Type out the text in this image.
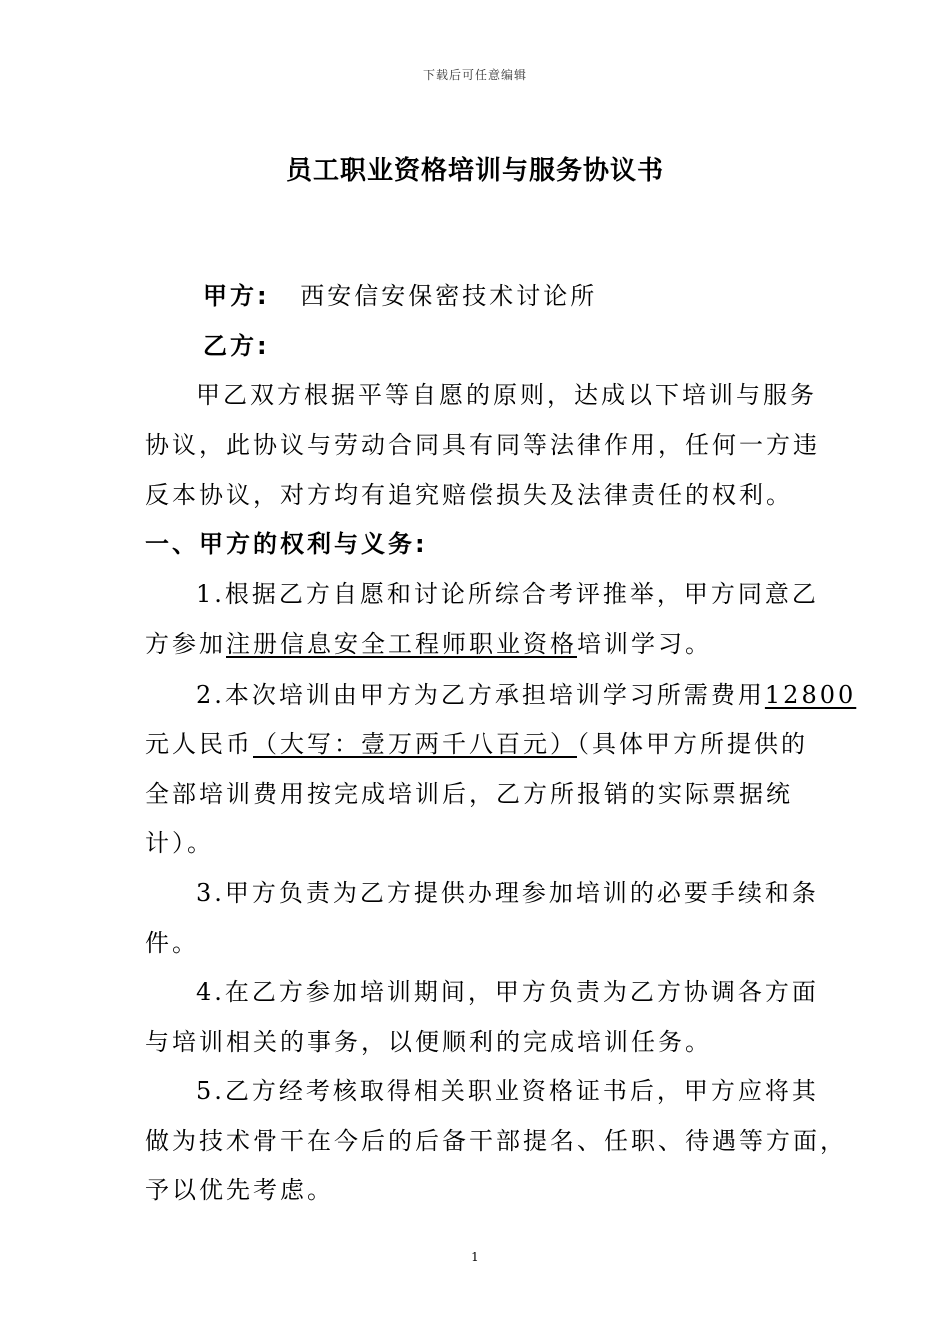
下载后可任意编辑
员工职业资格培训与服务协议书
甲方: 西安信安保密技术讨论所
乙方:
甲乙双方根据平等自愿的原则，达成以下培训与服务
协议，此协议与劳动合同具有同等法律作用，任何一方违
反本协议，对方均有追究赔偿损失及法律责任的权利。
一、甲方的权利与义务:
1.根据乙方自愿和讨论所综合考评推举，甲方同意乙
方参加注册信息安全工程师职业资格培训学习。
2.本次培训由甲方为乙方承担培训学习所需费用12800
元人民币（大写：壹万两千八百元）（具体甲方所提供的
全部培训费用按完成培训后，乙方所报销的实际票据统
计）。
3.甲方负责为乙方提供办理参加培训的必要手续和条
件。
4.在乙方参加培训期间，甲方负责为乙方协调各方面
与培训相关的事务，以便顺利的完成培训任务。
5.乙方经考核取得相关职业资格证书后，甲方应将其
做为技术骨干在今后的后备干部提名、任职、待遇等方面，
予以优先考虑。
1
